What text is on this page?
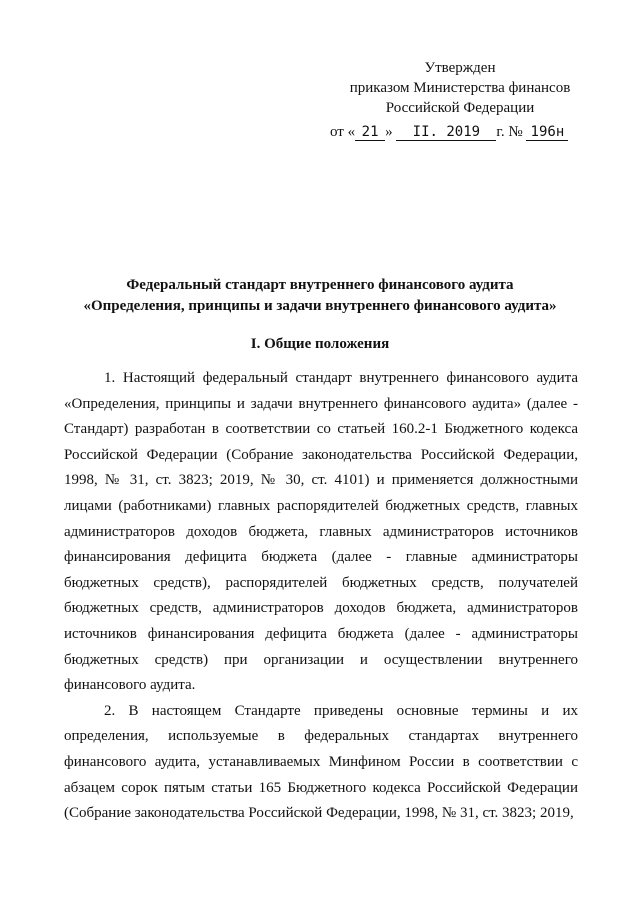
Утвержден
приказом Министерства финансов
Российской Федерации
от « 21 » II. 2019 г. № 196н
Федеральный стандарт внутреннего финансового аудита
«Определения, принципы и задачи внутреннего финансового аудита»
I. Общие положения

1. Настоящий федеральный стандарт внутреннего финансового аудита «Определения, принципы и задачи внутреннего финансового аудита» (далее - Стандарт) разработан в соответствии со статьей 160.2-1 Бюджетного кодекса Российской Федерации (Собрание законодательства Российской Федерации, 1998, № 31, ст. 3823; 2019, № 30, ст. 4101) и применяется должностными лицами (работниками) главных распорядителей бюджетных средств, главных администраторов доходов бюджета, главных администраторов источников финансирования дефицита бюджета (далее - главные администраторы бюджетных средств), распорядителей бюджетных средств, получателей бюджетных средств, администраторов доходов бюджета, администраторов источников финансирования дефицита бюджета (далее - администраторы бюджетных средств) при организации и осуществлении внутреннего финансового аудита.

2. В настоящем Стандарте приведены основные термины и их определения, используемые в федеральных стандартах внутреннего финансового аудита, устанавливаемых Минфином России в соответствии с абзацем сорок пятым статьи 165 Бюджетного кодекса Российской Федерации (Собрание законодательства Российской Федерации, 1998, № 31, ст. 3823; 2019,
